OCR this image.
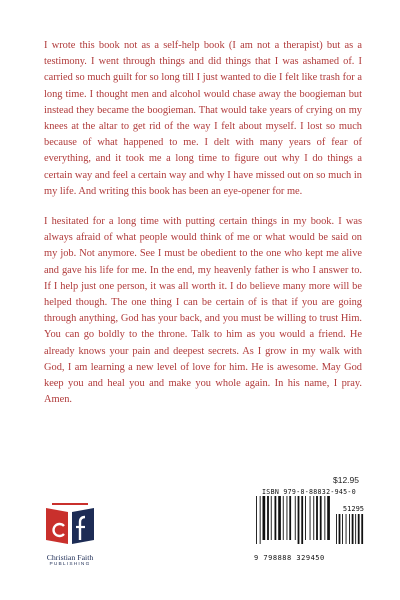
I wrote this book not as a self-help book (I am not a therapist) but as a testimony. I went through things and did things that I was ashamed of. I carried so much guilt for so long till I just wanted to die I felt like trash for a long time. I thought men and alcohol would chase away the boogieman but instead they became the boogieman. That would take years of crying on my knees at the altar to get rid of the way I felt about myself. I lost so much because of what happened to me. I delt with many years of fear of everything, and it took me a long time to figure out why I do things a certain way and feel a certain way and why I have missed out on so much in my life. And writing this book has been an eye-opener for me.

I hesitated for a long time with putting certain things in my book. I was always afraid of what people would think of me or what would be said on my job. Not anymore. See I must be obedient to the one who kept me alive and gave his life for me. In the end, my heavenly father is who I answer to. If I help just one person, it was all worth it. I do believe many more will be helped though. The one thing I can be certain of is that if you are going through anything, God has your back, and you must be willing to trust Him. You can go boldly to the throne. Talk to him as you would a friend. He already knows your pain and deepest secrets. As I grow in my walk with God, I am learning a new level of love for him. He is awesome. May God keep you and heal you and make you whole again. In his name, I pray. Amen.

$12.95
ISBN 979-8-88832-945-0
51295
9 798888 329450
Christian Faith
PUBLISHING
